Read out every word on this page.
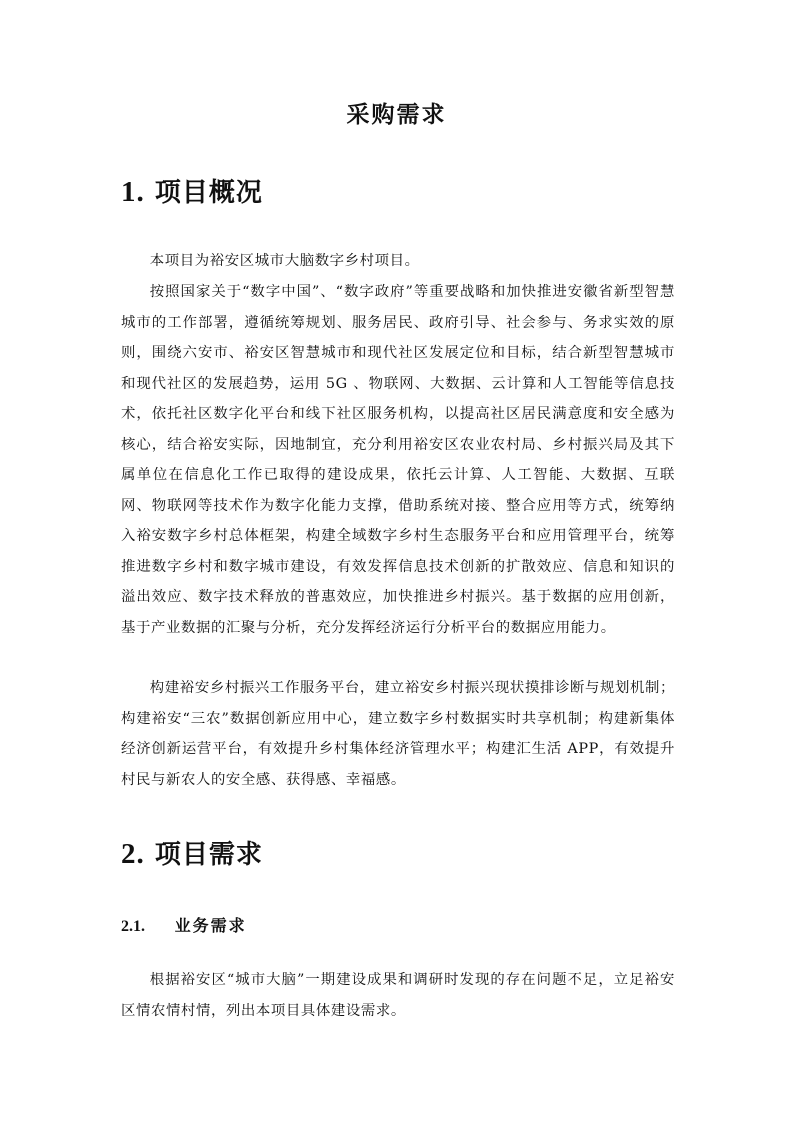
采购需求
1. 项目概况

本项目为裕安区城市大脑数字乡村项目。

按照国家关于“数字中国”、“数字政府”等重要战略和加快推进安徽省新型智慧城市的工作部署，遵循统筹规划、服务居民、政府引导、社会参与、务求实效的原则，围绕六安市、裕安区智慧城市和现代社区发展定位和目标，结合新型智慧城市和现代社区的发展趋势，运用 5G 、物联网、大数据、云计算和人工智能等信息技术，依托社区数字化平台和线下社区服务机构，以提高社区居民满意度和安全感为核心，结合裕安实际，因地制宜，充分利用裕安区农业农村局、乡村振兴局及其下属单位在信息化工作已取得的建设成果，依托云计算、人工智能、大数据、互联网、物联网等技术作为数字化能力支撑，借助系统对接、整合应用等方式，统筹纳入裕安数字乡村总体框架，构建全域数字乡村生态服务平台和应用管理平台，统筹推进数字乡村和数字城市建设，有效发挥信息技术创新的扩散效应、信息和知识的溢出效应、数字技术释放的普惠效应，加快推进乡村振兴。基于数据的应用创新，基于产业数据的汇聚与分析，充分发挥经济运行分析平台的数据应用能力。

构建裕安乡村振兴工作服务平台，建立裕安乡村振兴现状摸排诊断与规划机制；构建裕安“三农”数据创新应用中心，建立数字乡村数据实时共享机制；构建新集体经济创新运营平台，有效提升乡村集体经济管理水平；构建汇生活 APP，有效提升村民与新农人的安全感、获得感、幸福感。

2. 项目需求
2.1. 业务需求

根据裕安区“城市大脑”一期建设成果和调研时发现的存在问题不足，立足裕安区情农情村情，列出本项目具体建设需求。
